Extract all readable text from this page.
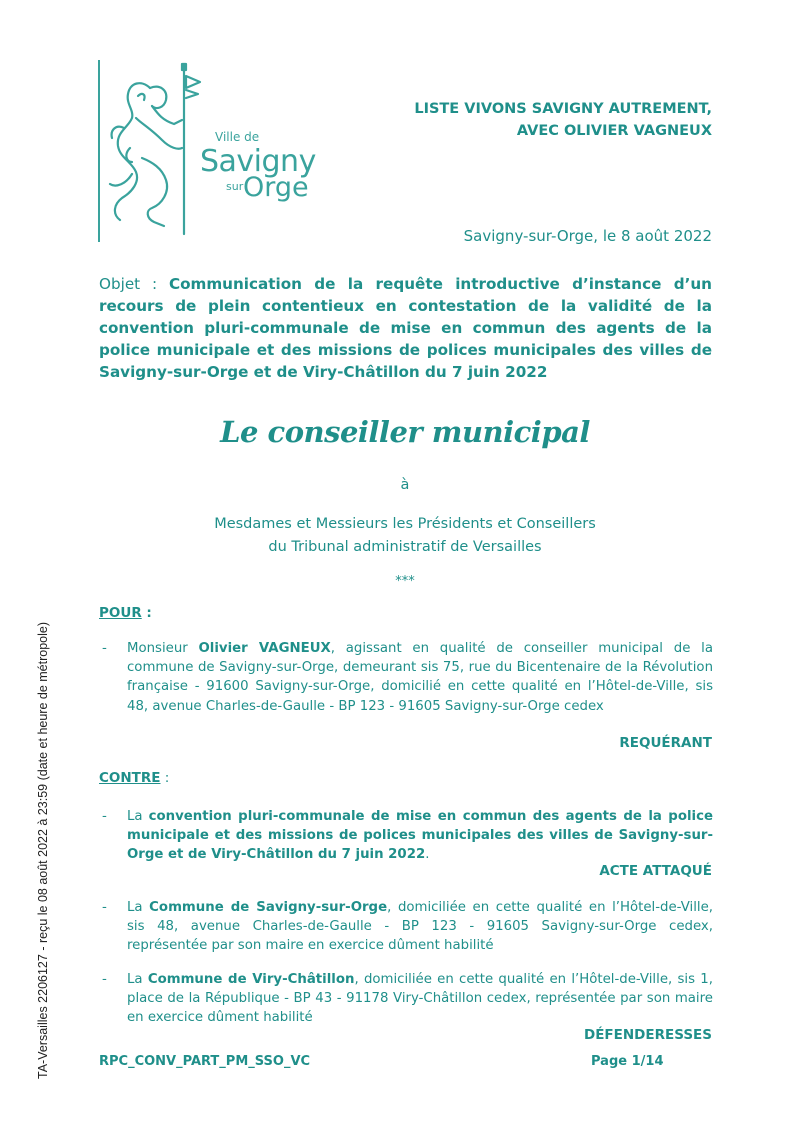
Ville de
Savigny
sur Orge
LISTE VIVONS SAVIGNY AUTREMENT,
AVEC OLIVIER VAGNEUX
Savigny-sur-Orge, le 8 août 2022
Objet : Communication de la requête introductive d’instance d’un recours de plein contentieux en contestation de la validité de la convention pluri-communale de mise en commun des agents de la police municipale et des missions de polices municipales des villes de Savigny-sur-Orge et de Viry-Châtillon du 7 juin 2022
Le conseiller municipal
à
Mesdames et Messieurs les Présidents et Conseillers
du Tribunal administratif de Versailles
***
POUR :
- Monsieur Olivier VAGNEUX, agissant en qualité de conseiller municipal de la commune de Savigny-sur-Orge, demeurant sis 75, rue du Bicentenaire de la Révolution française - 91600 Savigny-sur-Orge, domicilié en cette qualité en l’Hôtel-de-Ville, sis 48, avenue Charles-de-Gaulle - BP 123 - 91605 Savigny-sur-Orge cedex
REQUÉRANT
CONTRE :
- La convention pluri-communale de mise en commun des agents de la police municipale et des missions de polices municipales des villes de Savigny-sur-Orge et de Viry-Châtillon du 7 juin 2022.
ACTE ATTAQUÉ
- La Commune de Savigny-sur-Orge, domiciliée en cette qualité en l’Hôtel-de-Ville, sis 48, avenue Charles-de-Gaulle - BP 123 - 91605 Savigny-sur-Orge cedex, représentée par son maire en exercice dûment habilité
- La Commune de Viry-Châtillon, domiciliée en cette qualité en l’Hôtel-de-Ville, sis 1, place de la République - BP 43 - 91178 Viry-Châtillon cedex, représentée par son maire en exercice dûment habilité
DÉFENDERESSES
RPC_CONV_PART_PM_SSO_VC	Page 1/14
TA-Versailles 2206127 - reçu le 08 août 2022 à 23:59 (date et heure de métropole)
